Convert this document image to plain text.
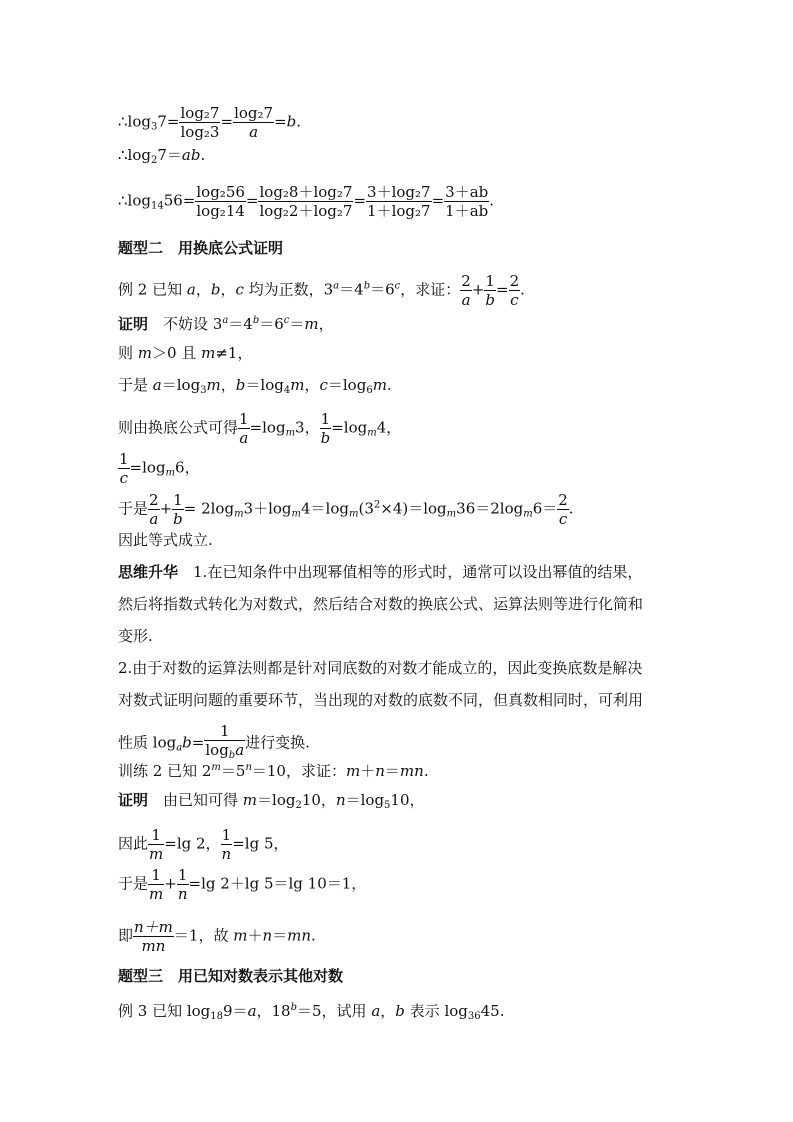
$\therefore\log_37= \frac{\text{log₂7}}{\text{log₂3}} = \frac{\text{log₂7}}{a} =b$.
$\therefore\log_27=ab$.
$\therefore\log_{14}56= \frac{\text{log₂56}}{\text{log₂14}} = \frac{\text{log₂8＋log₂7}}{\text{log₂2＋log₂7}} = \frac{\text{3＋log₂7}}{\text{1＋log₂7}} = \frac{3+ab}{1+ab}$ .
题型二　用换底公式证明
例 2 已知 a，b，c 均为正数，$3^a=4^b=6^c$，求证： $\frac{2}{a} + \frac{1}{b} = \frac{2}{c}$ .
证明　不妨设 $3^a=4^b=6^c=m$，
则 m＞0 且 m≠1，
于是 $a=\log_3m$，$b=\log_4m$，$c=\log_6m$.
则由换底公式可得 $\frac{1}{a} =\log_m3$， $\frac{1}{b} =\log_m4$，
$\frac{1}{c} =\log_m6$，
于是 $\frac{2}{a} + \frac{1}{b} = 2\log_m3+\log_m4=\log_m(3^2\times 4)=\log_m36=2\log_m6= \frac{2}{c}$ .
因此等式成立.
思维升华　1.在已知条件中出现幂值相等的形式时，通常可以设出幂值的结果，
然后将指数式转化为对数式，然后结合对数的换底公式、运算法则等进行化简和
变形.
2.由于对数的运算法则都是针对同底数的对数才能成立的，因此变换底数是解决
对数式证明问题的重要环节，当出现的对数的底数不同，但真数相同时，可利用
性质 $\log_ab= \frac{1}{\log_ba}$ 进行变换.
训练 2 已知 $2^m=5^n=10$，求证：m＋n＝mn.
证明　由已知可得 $m=\log_210$，$n=\log_510$，
因此 $\frac{1}{m} =\lg$ 2， $\frac{1}{n} =\lg$ 5，
于是 $\frac{1}{m} + \frac{1}{n} =\lg$ 2＋lg 5＝lg 10＝1，
即 $\frac{n+m}{mn} =1$，故 m＋n＝mn.
题型三　用已知对数表示其他对数
例 3 已知 $\log_{18}9=a$，$18^b=5$，试用 a，b 表示 $\log_{36}45$.
